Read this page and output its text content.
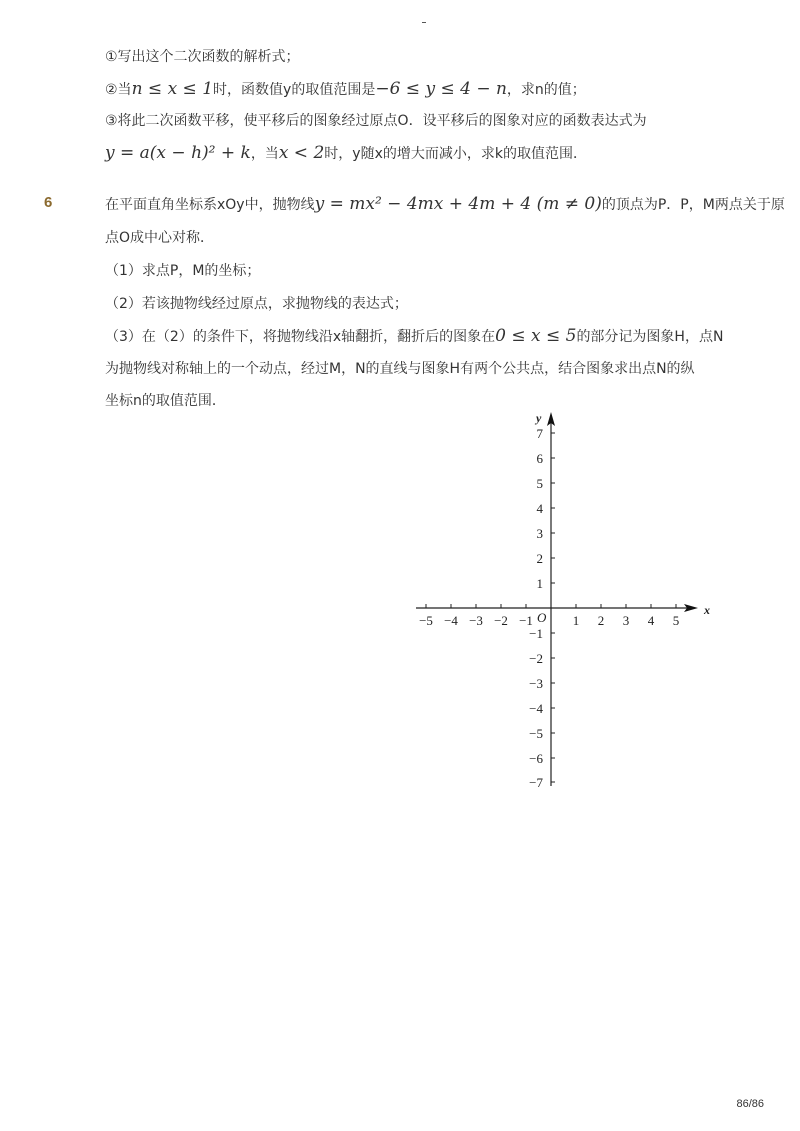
①写出这个二次函数的解析式；
②当n ≤ x ≤ 1时，函数值y的取值范围是−6 ≤ y ≤ 4 − n，求n的值；
③将此二次函数平移，使平移后的图象经过原点O．设平移后的图象对应的函数表达式为
y = a(x − h)² + k，当x < 2时，y随x的增大而减小，求k的取值范围．
6	在平面直角坐标系xOy中，抛物线y = mx² − 4mx + 4m + 4 (m ≠ 0)的顶点为P．P，M两点关于原
点O成中心对称．
（1）求点P，M的坐标；
（2）若该抛物线经过原点，求抛物线的表达式；
（3）在（2）的条件下，将抛物线沿x轴翻折，翻折后的图象在0 ≤ x ≤ 5的部分记为图象H，点N
为抛物线对称轴上的一个动点，经过M，N的直线与图象H有两个公共点，结合图象求出点N的纵
坐标n的取值范围．
−5 −4 −3 −2 −1	1 2 3 4 5
7
6
5
4
3
2
1
−1
−2
−3
−4
−5
−6
−7
x
y
O
86/86
